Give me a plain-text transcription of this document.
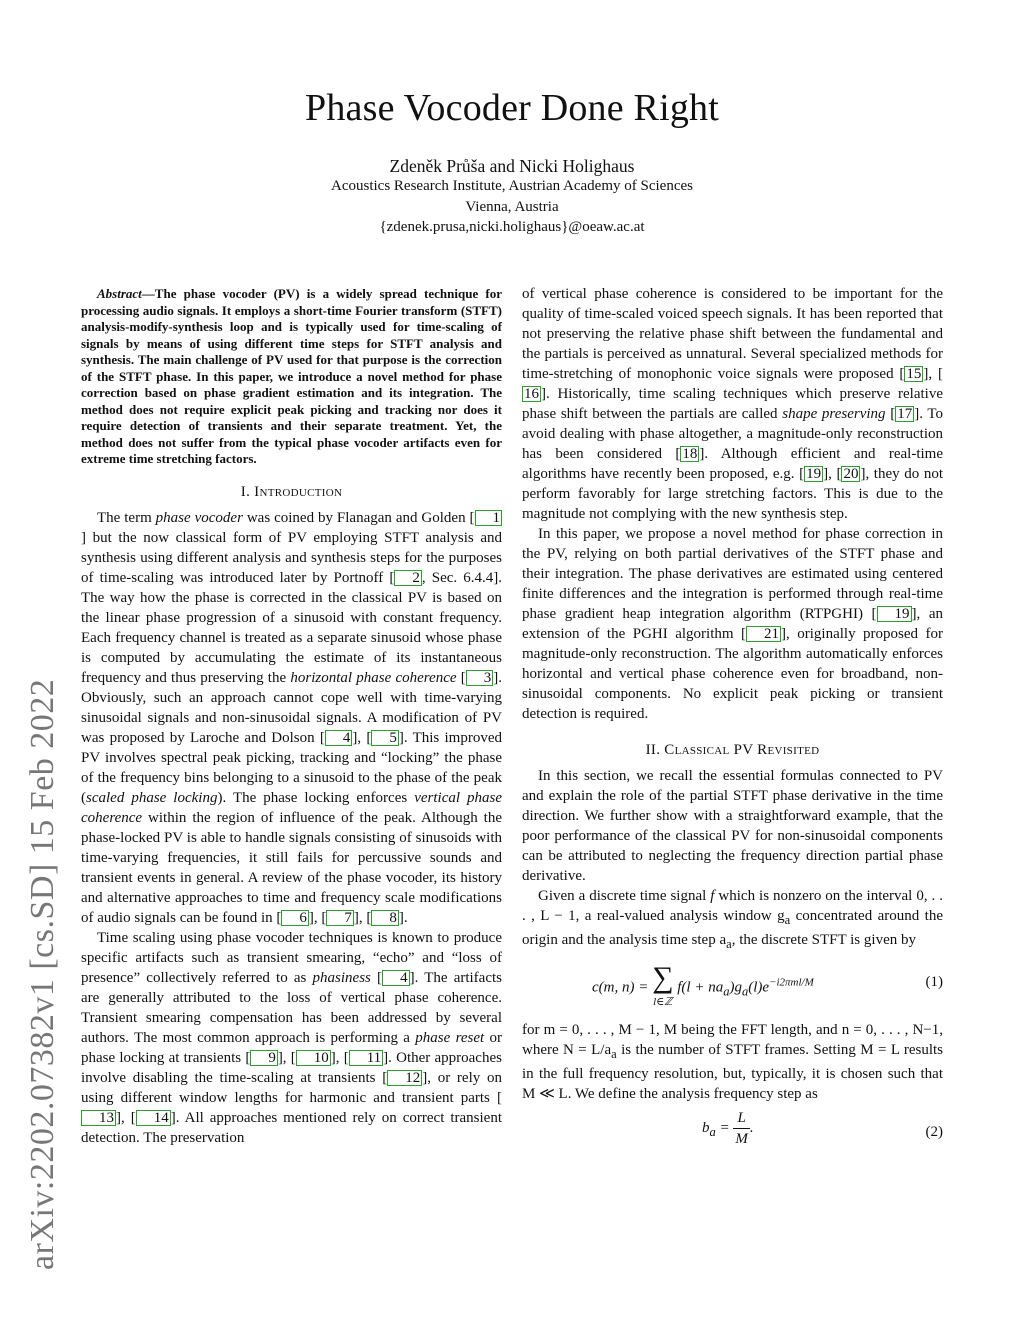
Phase Vocoder Done Right
Zdeněk Průša and Nicki Holighaus
Acoustics Research Institute, Austrian Academy of Sciences
Vienna, Austria
{zdenek.prusa,nicki.holighaus}@oeaw.ac.at
arXiv:2202.07382v1 [cs.SD] 15 Feb 2022

Abstract—The phase vocoder (PV) is a widely spread technique for processing audio signals. It employs a short-time Fourier transform (STFT) analysis-modify-synthesis loop and is typically used for time-scaling of signals by means of using different time steps for STFT analysis and synthesis. The main challenge of PV used for that purpose is the correction of the STFT phase. In this paper, we introduce a novel method for phase correction based on phase gradient estimation and its integration. The method does not require explicit peak picking and tracking nor does it require detection of transients and their separate treatment. Yet, the method does not suffer from the typical phase vocoder artifacts even for extreme time stretching factors.

I. Introduction

The term phase vocoder was coined by Flanagan and Golden [ 1] but the now classical form of PV employing STFT analysis and synthesis using different analysis and synthesis steps for the purposes of time-scaling was introduced later by Portnoff [ 2 , Sec. 6.4.4]. The way how the phase is corrected in the classical PV is based on the linear phase progression of a sinusoid with constant frequency. Each frequency channel is treated as a separate sinusoid whose phase is computed by accumulating the estimate of its instantaneous frequency and thus preserving the horizontal phase coherence [ 3 ]. Obviously, such an approach cannot cope well with time-varying sinusoidal signals and non-sinusoidal signals. A modification of PV was proposed by Laroche and Dolson [ 4 ], [ 5 ]. This improved PV involves spectral peak picking, tracking and “locking” the phase of the frequency bins belonging to a sinusoid to the phase of the peak (scaled phase locking). The phase locking enforces vertical phase coherence within the region of influence of the peak. Although the phase-locked PV is able to handle signals consisting of sinusoids with time-varying frequencies, it still fails for percussive sounds and transient events in general. A review of the phase vocoder, its history and alternative approaches to time and frequency scale modifications of audio signals can be found in [ 6 ], [ 7 ], [ 8 ].

Time scaling using phase vocoder techniques is known to produce specific artifacts such as transient smearing, “echo” and “loss of presence” collectively referred to as phasiness [ 4 ]. The artifacts are generally attributed to the loss of vertical phase coherence. Transient smearing compensation has been addressed by several authors. The most common approach is performing a phase reset or phase locking at transients [ 9 ], [ 10 ], [ 11 ]. Other approaches involve disabling the time-scaling at transients [ 12 ], or rely on using different window lengths for harmonic and transient parts [13 ], [ 14 ]. All approaches mentioned rely on correct transient detection. The preservation

of vertical phase coherence is considered to be important for the quality of time-scaled voiced speech signals. It has been reported that not preserving the relative phase shift between the fundamental and the partials is perceived as unnatural. Several specialized methods for time-stretching of monophonic voice signals were proposed [ 15 ], [16 ]. Historically, time scaling techniques which preserve relative phase shift between the partials are called shape preserving [ 17 ]. To avoid dealing with phase altogether, a magnitude-only reconstruction has been considered [ 18 ]. Although efficient and real-time algorithms have recently been proposed, e.g. [ 19 ], [ 20 ], they do not perform favorably for large stretching factors. This is due to the magnitude not complying with the new synthesis step.

In this paper, we propose a novel method for phase correction in the PV, relying on both partial derivatives of the STFT phase and their integration. The phase derivatives are estimated using centered finite differences and the integration is performed through real-time phase gradient heap integration algorithm (RTPGHI) [ 19 ], an extension of the PGHI algorithm [ 21 ], originally proposed for magnitude-only reconstruction. The algorithm automatically enforces horizontal and vertical phase coherence even for broadband, non-sinusoidal components. No explicit peak picking or transient detection is required.

II. Classical PV Revisited

In this section, we recall the essential formulas connected to PV and explain the role of the partial STFT phase derivative in the time direction. We further show with a straightforward example, that the poor performance of the classical PV for non-sinusoidal components can be attributed to neglecting the frequency direction partial phase derivative.

Given a discrete time signal f which is nonzero on the interval 0, . . . , L − 1, a real-valued analysis window $g_a$ concentrated around the origin and the analysis time step $a_a$, the discrete STFT is given by

c(m, n) = ∑
l∈ℤ
$f(l + na_a)g_a(l)e^{-i2\pi ml/M}$	(1)

for m = 0, . . . , M − 1, M being the FFT length, and n = 0, . . . , N−1, where $N = L/a_a$ is the number of STFT frames. Setting M = L results in the full frequency resolution, but, typically, it is chosen such that M ≪ L. We define the analysis frequency step as

$b_a = \frac{L}{M}$ .	(2)
